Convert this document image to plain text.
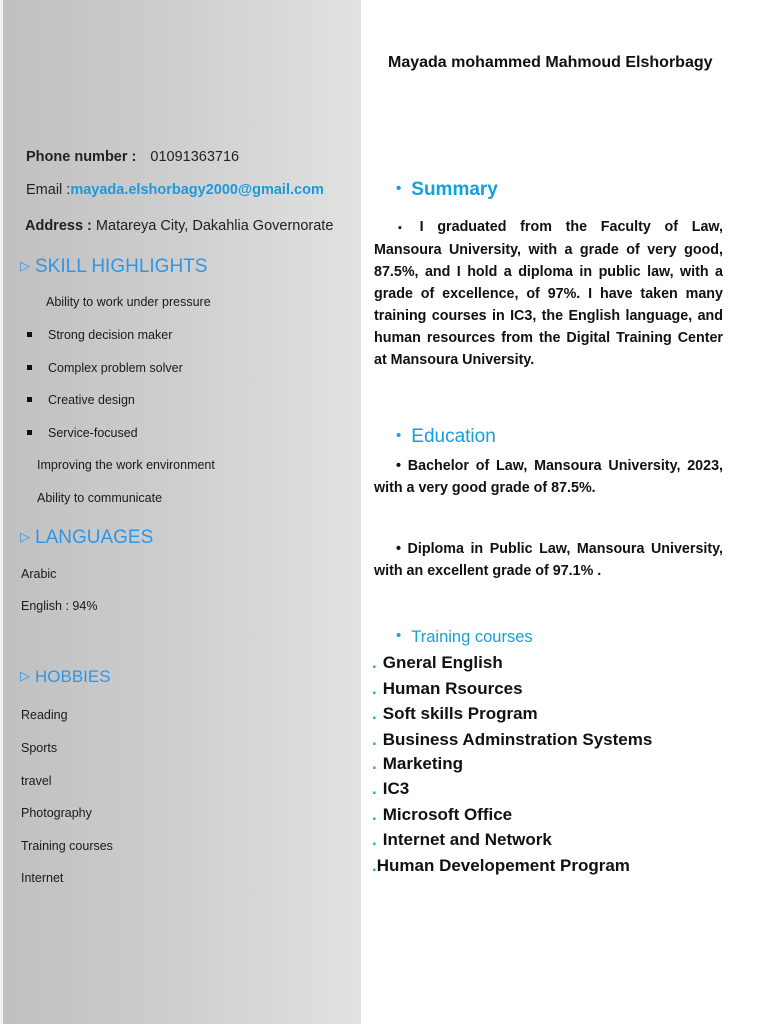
Phone number : 01091363716
Email :mayada.elshorbagy2000@gmail.com
Address : Matareya City, Dakahlia Governorate
▷ SKILL HIGHLIGHTS
Ability to work under pressure
Strong decision maker
Complex problem solver
Creative design
Service-focused
Improving the work environment
Ability to communicate
▷ LANGUAGES
Arabic
English : 94%
▷ HOBBIES
Reading
Sports
travel
Photography
Training courses
Internet
Mayada mohammed Mahmoud Elshorbagy
• Summary
▪ I graduated from the Faculty of Law, Mansoura University, with a grade of very good, 87.5%, and I hold a diploma in public law, with a grade of excellence, of 97%. I have taken many training courses in IC3, the English language, and human resources from the Digital Training Center at Mansoura University.
• Education
• Bachelor of Law, Mansoura University, 2023, with a very good grade of 87.5%.
• Diploma in Public Law, Mansoura University, with an excellent grade of 97.1% .
• Training courses
. Gneral English
. Human Rsources
. Soft skills Program
. Business Adminstration Systems
. Marketing
. IC3
. Microsoft Office
. Internet and Network
.Human Developement Program
